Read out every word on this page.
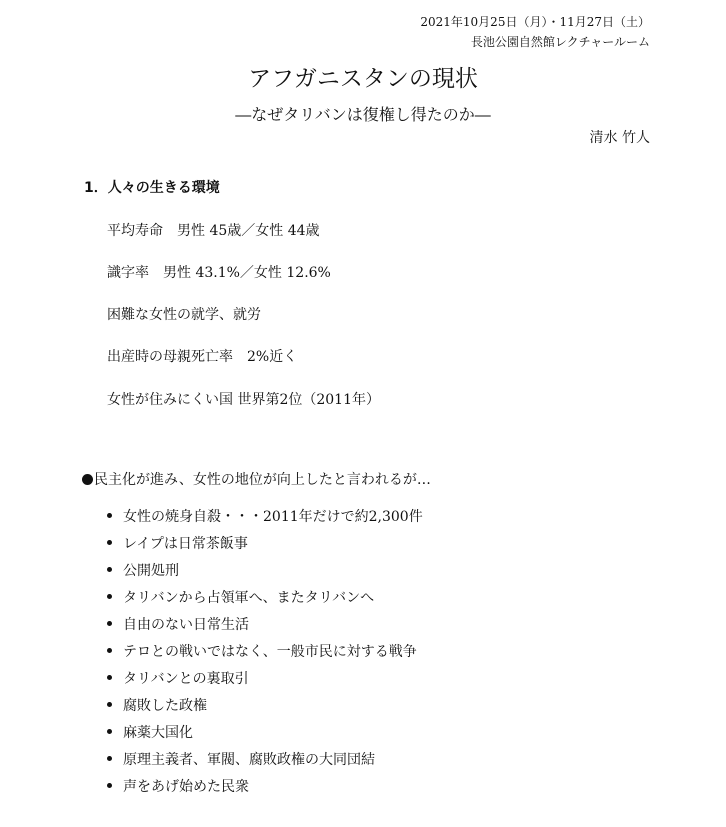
2021年10月25日（月）・11月27日（土）
長池公園自然館レクチャールーム
アフガニスタンの現状
―なぜタリバンは復権し得たのか―
清水 竹人
1．人々の生きる環境
平均寿命　男性 45歳／女性 44歳
識字率　男性 43.1%／女性 12.6%
困難な女性の就学、就労
出産時の母親死亡率　2%近く
女性が住みにくい国 世界第2位（2011年）
民主化が進み、女性の地位が向上したと言われるが…
女性の焼身自殺・・・2011年だけで約2,300件
レイプは日常茶飯事
公開処刑
タリバンから占領軍へ、またタリバンへ
自由のない日常生活
テロとの戦いではなく、一般市民に対する戦争
タリバンとの裏取引
腐敗した政権
麻薬大国化
原理主義者、軍閥、腐敗政権の大同団結
声をあげ始めた民衆
